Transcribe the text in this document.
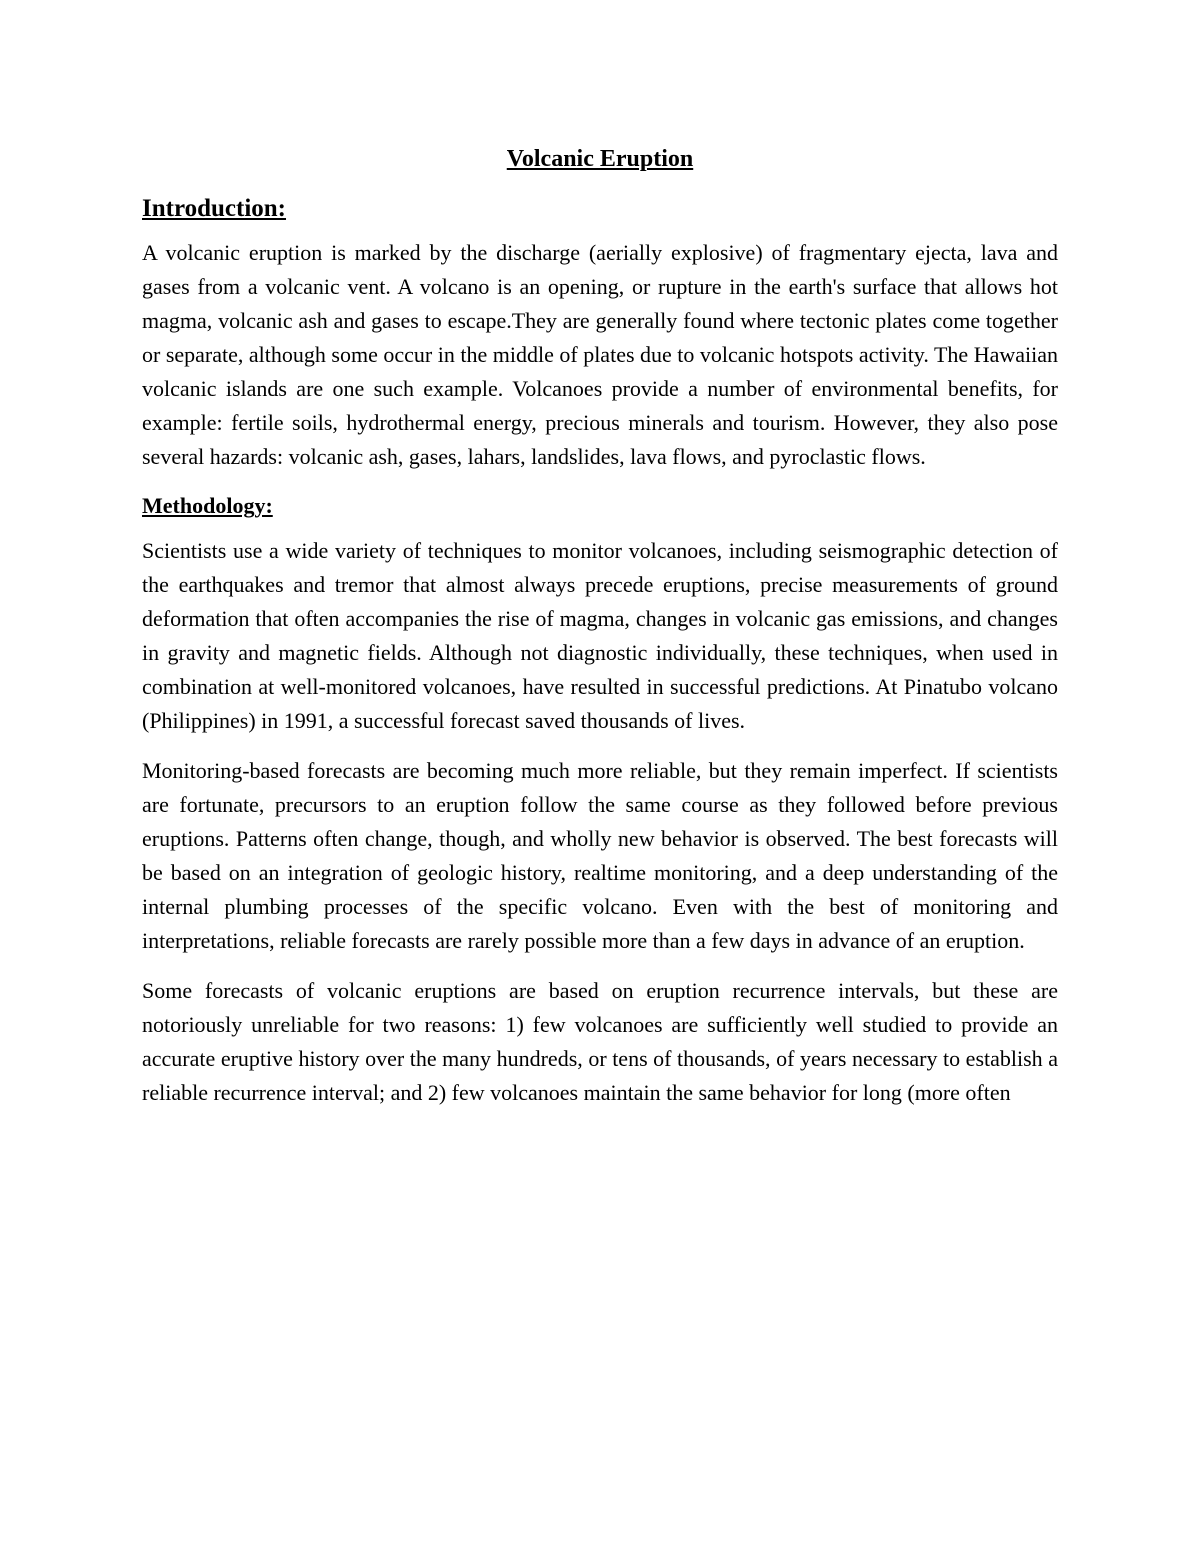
Volcanic Eruption
Introduction:

A volcanic eruption is marked by the discharge (aerially explosive) of fragmentary ejecta, lava and gases from a volcanic vent. A volcano is an opening, or rupture in the earth's surface that allows hot magma, volcanic ash and gases to escape.They are generally found where tectonic plates come together or separate, although some occur in the middle of plates due to volcanic hotspots activity. The Hawaiian volcanic islands are one such example. Volcanoes provide a number of environmental benefits, for example: fertile soils, hydrothermal energy, precious minerals and tourism. However, they also pose several hazards: volcanic ash, gases, lahars, landslides, lava flows, and pyroclastic flows.

Methodology:

Scientists use a wide variety of techniques to monitor volcanoes, including seismographic detection of the earthquakes and tremor that almost always precede eruptions, precise measurements of ground deformation that often accompanies the rise of magma, changes in volcanic gas emissions, and changes in gravity and magnetic fields. Although not diagnostic individually, these techniques, when used in combination at well-monitored volcanoes, have resulted in successful predictions. At Pinatubo volcano (Philippines) in 1991, a successful forecast saved thousands of lives.

Monitoring-based forecasts are becoming much more reliable, but they remain imperfect. If scientists are fortunate, precursors to an eruption follow the same course as they followed before previous eruptions. Patterns often change, though, and wholly new behavior is observed. The best forecasts will be based on an integration of geologic history, realtime monitoring, and a deep understanding of the internal plumbing processes of the specific volcano. Even with the best of monitoring and interpretations, reliable forecasts are rarely possible more than a few days in advance of an eruption.

Some forecasts of volcanic eruptions are based on eruption recurrence intervals, but these are notoriously unreliable for two reasons: 1) few volcanoes are sufficiently well studied to provide an accurate eruptive history over the many hundreds, or tens of thousands, of years necessary to establish a reliable recurrence interval; and 2) few volcanoes maintain the same behavior for long (more often
